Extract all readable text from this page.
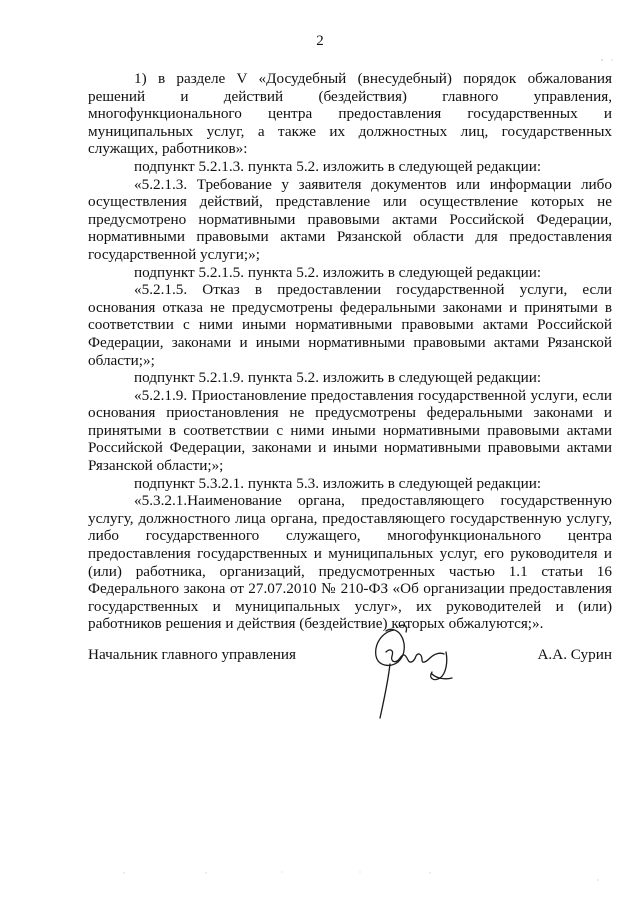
2

1) в разделе V «Досудебный (внесудебный) порядок обжалования решений и действий (бездействия) главного управления, многофункционального центра предоставления государственных и муниципальных услуг, а также их должностных лиц, государственных служащих, работников»:

подпункт 5.2.1.3. пункта 5.2. изложить в следующей редакции:

«5.2.1.3. Требование у заявителя документов или информации либо осуществления действий, представление или осуществление которых не предусмотрено нормативными правовыми актами Российской Федерации, нормативными правовыми актами Рязанской области для предоставления государственной услуги;»;

подпункт 5.2.1.5. пункта 5.2. изложить в следующей редакции:

«5.2.1.5. Отказ в предоставлении государственной услуги, если основания отказа не предусмотрены федеральными законами и принятыми в соответствии с ними иными нормативными правовыми актами Российской Федерации, законами и иными нормативными правовыми актами Рязанской области;»;

подпункт 5.2.1.9. пункта 5.2. изложить в следующей редакции:

«5.2.1.9. Приостановление предоставления государственной услуги, если основания приостановления не предусмотрены федеральными законами и принятыми в соответствии с ними иными нормативными правовыми актами Российской Федерации, законами и иными нормативными правовыми актами Рязанской области;»;

подпункт 5.3.2.1. пункта 5.3. изложить в следующей редакции:

«5.3.2.1.Наименование органа, предоставляющего государственную услугу, должностного лица органа, предоставляющего государственную услугу, либо государственного служащего, многофункционального центра предоставления государственных и муниципальных услуг, его руководителя и (или) работника, организаций, предусмотренных частью 1.1 статьи 16 Федерального закона от 27.07.2010 № 210-ФЗ «Об организации предоставления государственных и муниципальных услуг», их руководителей и (или) работников решения и действия (бездействие) которых обжалуются;».

Начальник главного управления	А.А. Сурин
